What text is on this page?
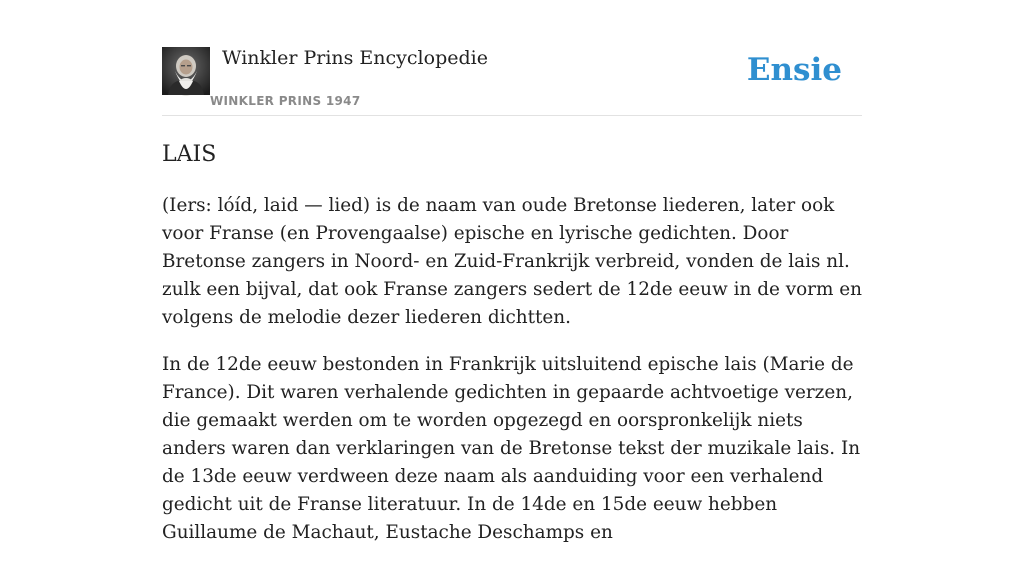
Winkler Prins Encyclopedie
WINKLER PRINS 1947
Ensie
LAIS

(Iers: lóíd, laid — lied) is de naam van oude Bretonse liederen, later ook voor Franse (en Provengaalse) epische en lyrische gedichten. Door Bretonse zangers in Noord- en Zuid-Frankrijk verbreid, vonden de lais nl. zulk een bijval, dat ook Franse zangers sedert de 12de eeuw in de vorm en volgens de melodie dezer liederen dichtten.

In de 12de eeuw bestonden in Frankrijk uitsluitend epische lais (Marie de France). Dit waren verhalende gedichten in gepaarde achtvoetige verzen, die gemaakt werden om te worden opgezegd en oorspronkelijk niets anders waren dan verklaringen van de Bretonse tekst der muzikale lais. In de 13de eeuw verdween deze naam als aanduiding voor een verhalend gedicht uit de Franse literatuur. In de 14de en 15de eeuw hebben Guillaume de Machaut, Eustache Deschamps en
